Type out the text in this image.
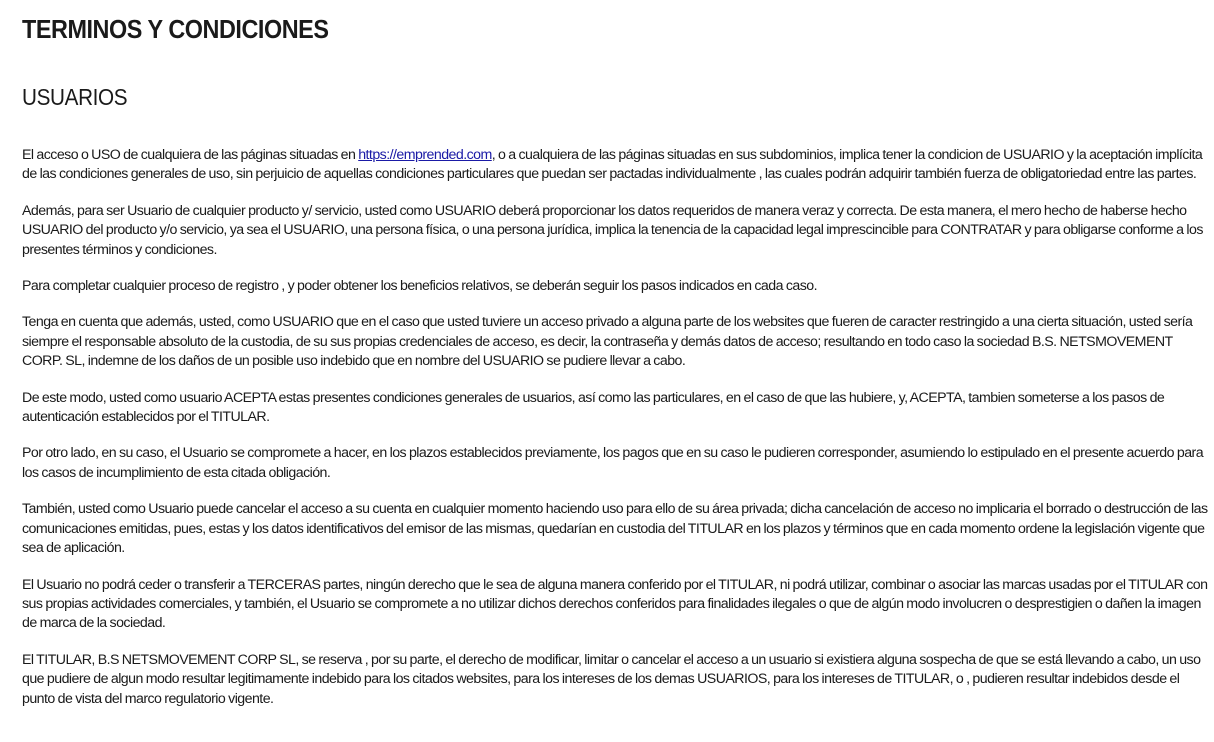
TERMINOS Y CONDICIONES
USUARIOS

El acceso o USO de cualquiera de las páginas situadas en https://emprended.com, o a cualquiera de las páginas situadas en sus subdominios, implica tener la condicion de USUARIO y la aceptación implícita de las condiciones generales de uso, sin perjuicio de aquellas condiciones particulares que puedan ser pactadas individualmente , las cuales podrán adquirir también fuerza de obligatoriedad entre las partes.

Además, para ser Usuario de cualquier producto y/ servicio, usted como USUARIO deberá proporcionar los datos requeridos de manera veraz y correcta. De esta manera, el mero hecho de haberse hecho USUARIO del producto y/o servicio, ya sea el USUARIO, una persona física, o una persona jurídica, implica la tenencia de la capacidad legal imprescincible para CONTRATAR y para obligarse conforme a los presentes términos y condiciones.

Para completar cualquier proceso de registro , y poder obtener los beneficios relativos, se deberán seguir los pasos indicados en cada caso.

Tenga en cuenta que además, usted, como USUARIO que en el caso que usted tuviere un acceso privado a alguna parte de los websites que fueren de caracter restringido a una cierta situación, usted sería siempre el responsable absoluto de la custodia, de su sus propias credenciales de acceso, es decir, la contraseña y demás datos de acceso; resultando en todo caso la sociedad B.S. NETSMOVEMENT CORP. SL, indemne de los daños de un posible uso indebido que en nombre del USUARIO se pudiere llevar a cabo.

De este modo, usted como usuario ACEPTA estas presentes condiciones generales de usuarios, así como las particulares, en el caso de que las hubiere, y, ACEPTA, tambien someterse a los pasos de autenticación establecidos por el TITULAR.

Por otro lado, en su caso, el Usuario se compromete a hacer, en los plazos establecidos previamente, los pagos que en su caso le pudieren corresponder, asumiendo lo estipulado en el presente acuerdo para los casos de incumplimiento de esta citada obligación.

También, usted como Usuario puede cancelar el acceso a su cuenta en cualquier momento haciendo uso para ello de su área privada; dicha cancelación de acceso no implicaria el borrado o destrucción de las comunicaciones emitidas, pues, estas y los datos identificativos del emisor de las mismas, quedarían en custodia del TITULAR en los plazos y términos que en cada momento ordene la legislación vigente que sea de aplicación.

El Usuario no podrá ceder o transferir a TERCERAS partes, ningún derecho que le sea de alguna manera conferido por el TITULAR, ni podrá utilizar, combinar o asociar las marcas usadas por el TITULAR con sus propias actividades comerciales, y también, el Usuario se compromete a no utilizar dichos derechos conferidos para finalidades ilegales o que de algún modo involucren o desprestigien o dañen la imagen de marca de la sociedad.

El TITULAR, B.S NETSMOVEMENT CORP SL, se reserva , por su parte, el derecho de modificar, limitar o cancelar el acceso a un usuario si existiera alguna sospecha de que se está llevando a cabo, un uso que pudiere de algun modo resultar legitimamente indebido para los citados websites, para los intereses de los demas USUARIOS, para los intereses de TITULAR, o , pudieren resultar indebidos desde el punto de vista del marco regulatorio vigente.
